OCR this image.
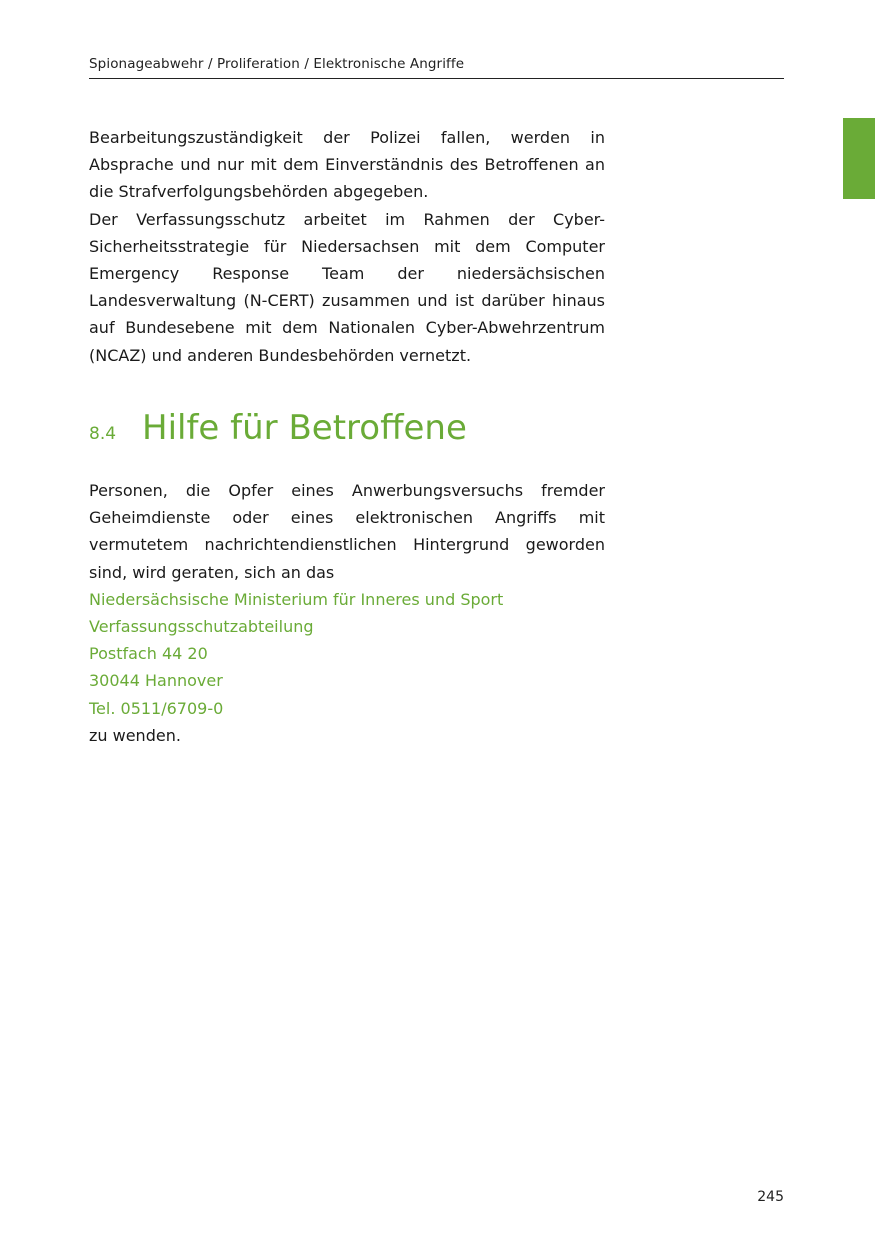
Spionageabwehr / Proliferation / Elektronische Angriffe

Bearbeitungszuständigkeit der Polizei fallen, werden in Absprache und nur mit dem Einverständnis des Betroffenen an die Strafverfolgungsbehörden abgegeben.

Der Verfassungsschutz arbeitet im Rahmen der Cyber-Sicherheitsstrategie für Niedersachsen mit dem Computer Emergency Response Team der niedersächsischen Landesverwaltung (N-CERT) zusammen und ist darüber hinaus auf Bundesebene mit dem Nationalen Cyber-Abwehrzentrum (NCAZ) und anderen Bundesbehörden vernetzt.

8.4 Hilfe für Betroffene

Personen, die Opfer eines Anwerbungsversuchs fremder Geheimdienste oder eines elektronischen Angriffs mit vermutetem nachrichtendienstlichen Hintergrund geworden sind, wird geraten, sich an das

Niedersächsische Ministerium für Inneres und Sport
Verfassungsschutzabteilung
Postfach 44 20
30044 Hannover
Tel. 0511/6709-0
zu wenden.
245
